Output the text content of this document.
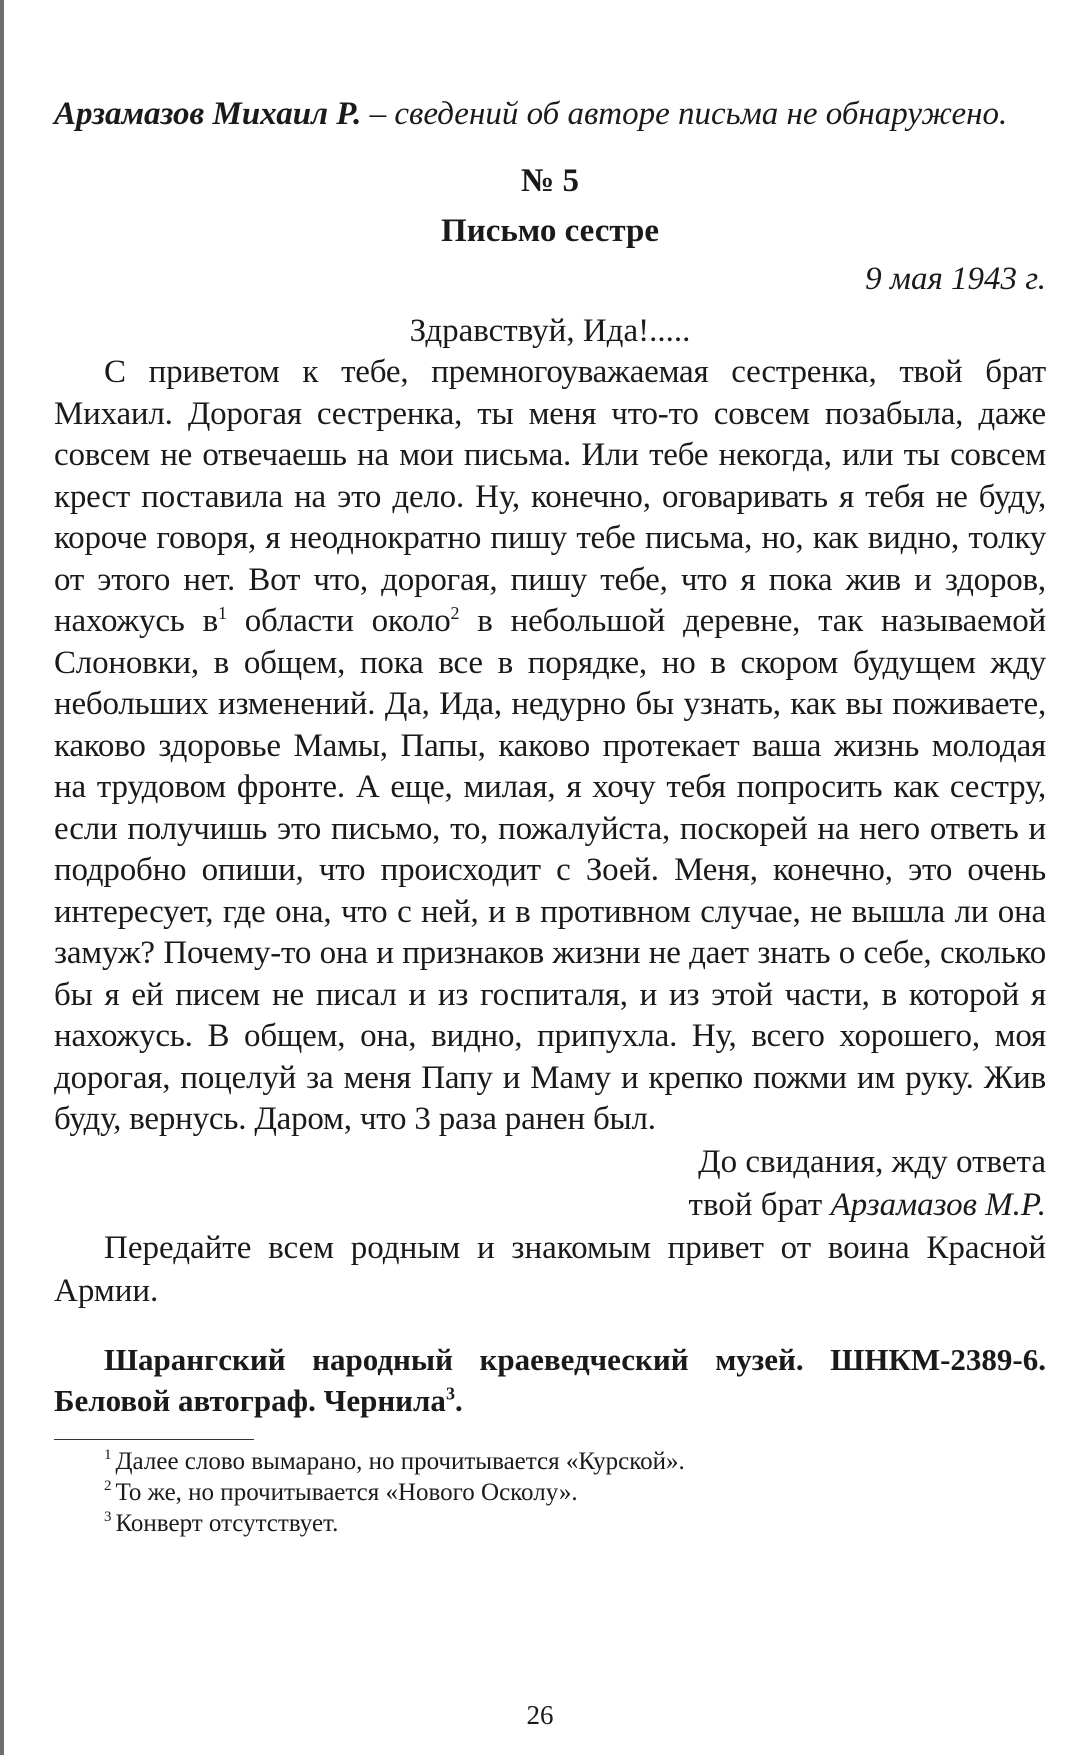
Арзамазов Михаил Р. – сведений об авторе письма не обнаружено.

№ 5

Письмо сестре

9 мая 1943 г.

Здравствуй, Ида!.....

С приветом к тебе, премногоуважаемая сестренка, твой брат Михаил. Дорогая сестренка, ты меня что-то совсем позабыла, даже совсем не отвечаешь на мои письма. Или тебе некогда, или ты совсем крест поставила на это дело. Ну, конечно, оговаривать я тебя не буду, короче говоря, я неоднократно пишу тебе письма, но, как видно, толку от этого нет. Вот что, дорогая, пишу тебе, что я пока жив и здоров, нахожусь $в^1$ области около$^2$ в небольшой деревне, так называемой Слоновки, в общем, пока все в порядке, но в скором будущем жду небольших изменений. Да, Ида, недурно бы узнать, как вы поживаете, каково здоровье Мамы, Папы, каково протекает ваша жизнь молодая на трудовом фронте. А еще, милая, я хочу тебя попросить как сестру, если получишь это письмо, то, пожалуйста, поскорей на него ответь и подробно опиши, что происходит с Зоей. Меня, конечно, это очень интересует, где она, что с ней, и в противном случае, не вышла ли она замуж? Почему-то она и признаков жизни не дает знать о себе, сколько бы я ей писем не писал и из госпиталя, и из этой части, в которой я нахожусь. В общем, она, видно, припухла. Ну, всего хорошего, моя дорогая, поцелуй за меня Папу и Маму и крепко пожми им руку. Жив буду, вернусь. Даром, что 3 раза ранен был.

До свидания, жду ответа

твой брат Арзамазов М.Р.

Передайте всем родным и знакомым привет от воина Красной Армии.

Шарангский народный краеведческий музей. ШНКМ-2389-6. Беловой автограф. Чернила$^3$.

$^1$ Далее слово вымарано, но прочитывается «Курской».

$^2$ То же, но прочитывается «Нового Осколу».

$^3$ Конверт отсутствует.

26
